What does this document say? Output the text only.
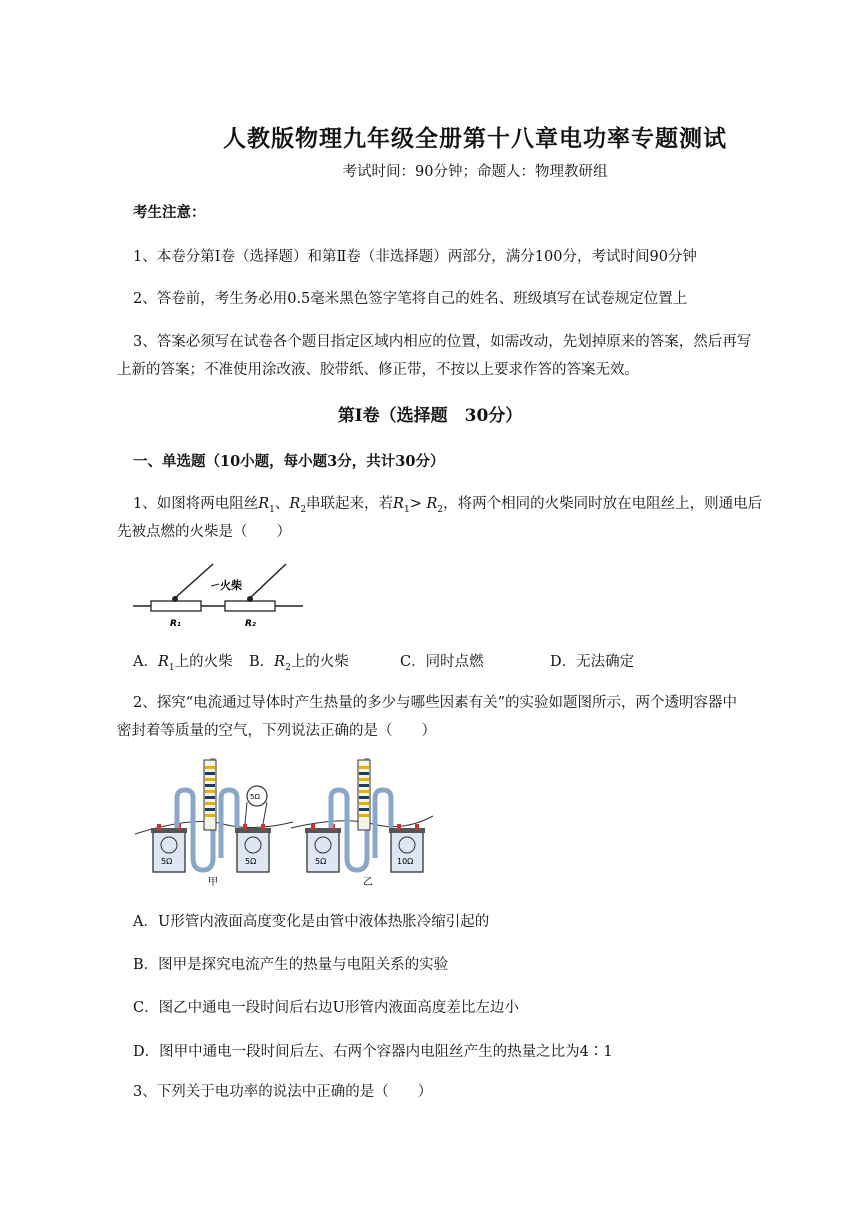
人教版物理九年级全册第十八章电功率专题测试
考试时间：90分钟；命题人：物理教研组
考生注意：
1、本卷分第Ⅰ卷（选择题）和第Ⅱ卷（非选择题）两部分，满分100分，考试时间90分钟
2、答卷前，考生务必用0.5毫米黑色签字笔将自己的姓名、班级填写在试卷规定位置上
3、答案必须写在试卷各个题目指定区域内相应的位置，如需改动，先划掉原来的答案，然后再写
上新的答案；不准使用涂改液、胶带纸、修正带，不按以上要求作答的答案无效。
第Ⅰ卷（选择题　30分）
一、单选题（10小题，每小题3分，共计30分）
1、如图将两电阻丝$R_1$、$R_2$串联起来，若$R_1> R_2$，将两个相同的火柴同时放在电阻丝上，则通电后
先被点燃的火柴是（　　）
火柴
R₁	R₂
A．$R_1$上的火柴 B．$R_2$上的火柴	C．同时点燃	D．无法确定
2、探究“电流通过导体时产生热量的多少与哪些因素有关”的实验如题图所示，两个透明容器中
密封着等质量的空气，下列说法正确的是（　　）
5Ω	5Ω
5Ω
甲
5Ω	10Ω
乙
A．U形管内液面高度变化是由管中液体热胀冷缩引起的
B．图甲是探究电流产生的热量与电阻关系的实验
C．图乙中通电一段时间后右边U形管内液面高度差比左边小
D．图甲中通电一段时间后左、右两个容器内电阻丝产生的热量之比为4∶1
3、下列关于电功率的说法中正确的是（　　）
